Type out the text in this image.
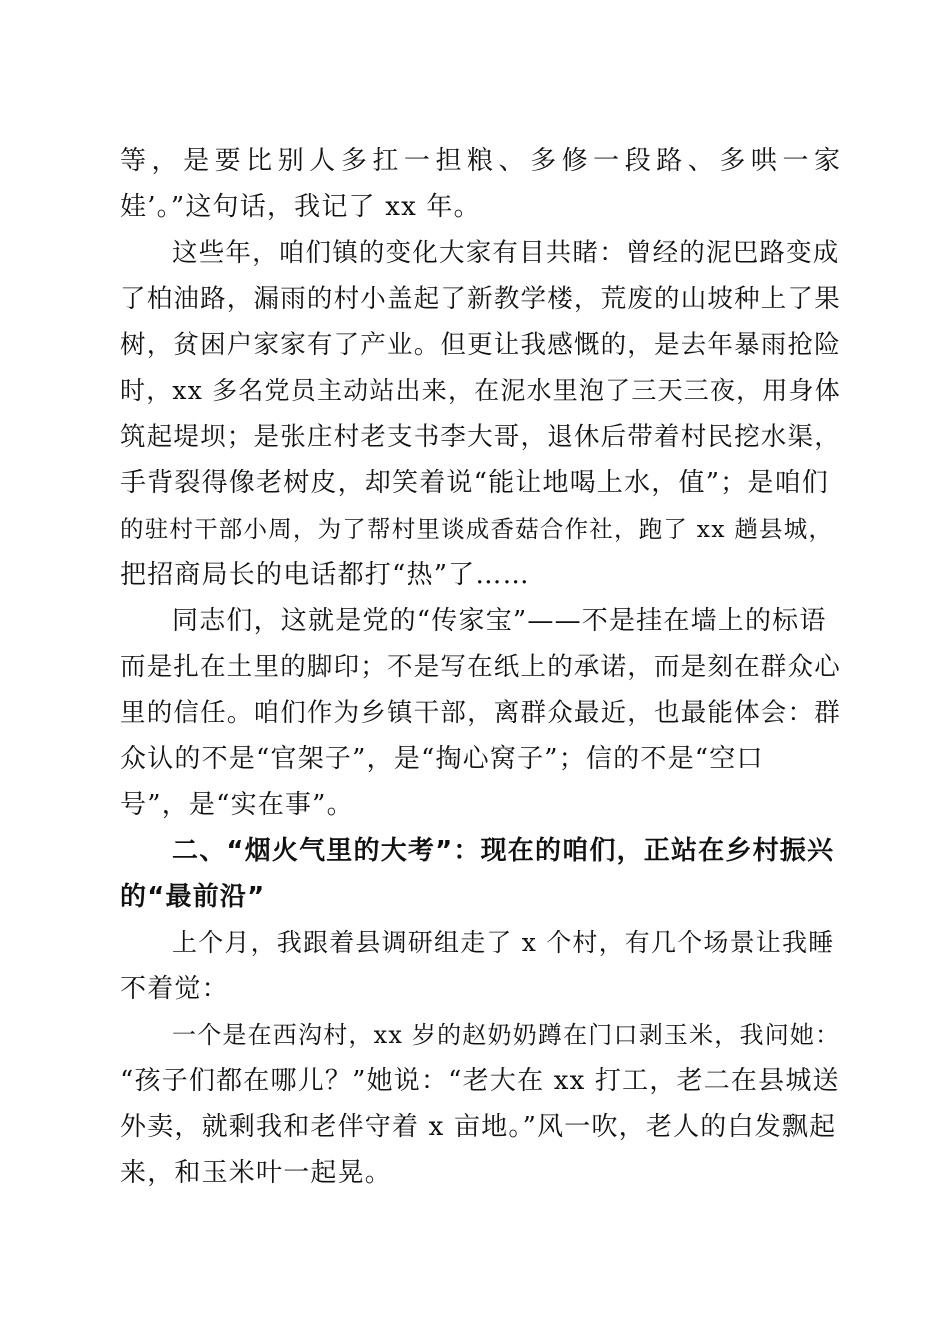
等，是要比别人多扛一担粮、多修一段路、多哄一家
娃’。”这句话，我记了 xx 年。
这些年，咱们镇的变化大家有目共睹：曾经的泥巴路变成
了柏油路，漏雨的村小盖起了新教学楼，荒废的山坡种上了果
树，贫困户家家有了产业。但更让我感慨的，是去年暴雨抢险
时，xx 多名党员主动站出来，在泥水里泡了三天三夜，用身体
筑起堤坝；是张庄村老支书李大哥，退休后带着村民挖水渠，
手背裂得像老树皮，却笑着说“能让地喝上水，值”；是咱们
的驻村干部小周，为了帮村里谈成香菇合作社，跑了 xx 趟县城，
把招商局长的电话都打“热”了……
同志们，这就是党的“传家宝”——不是挂在墙上的标语
而是扎在土里的脚印；不是写在纸上的承诺，而是刻在群众心
里的信任。咱们作为乡镇干部，离群众最近，也最能体会：群
众认的不是“官架子”，是“掏心窝子”；信的不是“空口
号”，是“实在事”。
二、“烟火气里的大考”：现在的咱们，正站在乡村振兴
的“最前沿”
上个月，我跟着县调研组走了 x 个村，有几个场景让我睡
不着觉：
一个是在西沟村，xx 岁的赵奶奶蹲在门口剥玉米，我问她：
“孩子们都在哪儿？”她说：“老大在 xx 打工，老二在县城送
外卖，就剩我和老伴守着 x 亩地。”风一吹，老人的白发飘起
来，和玉米叶一起晃。
